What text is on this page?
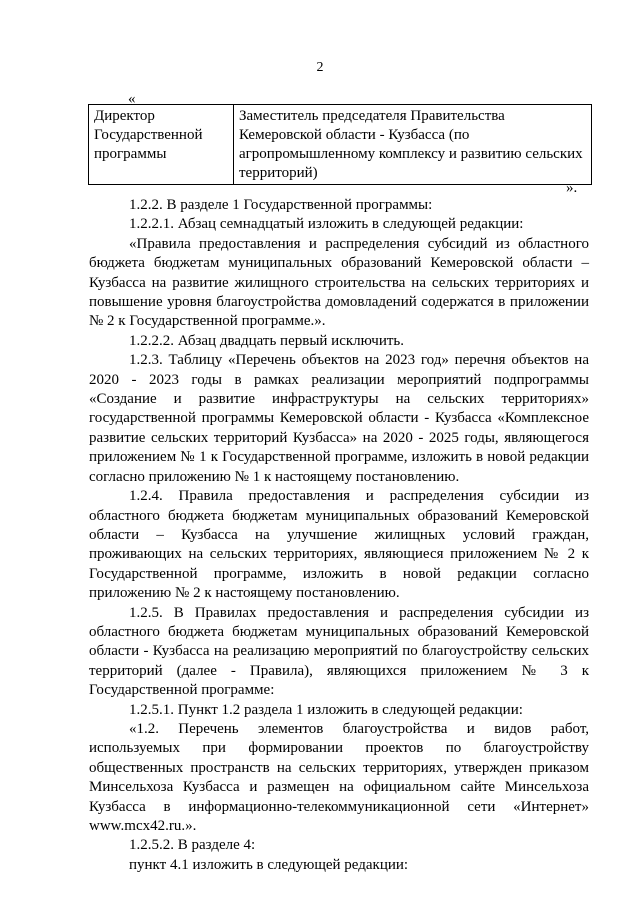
2
«
Директор Государственной программы	Заместитель председателя Правительства Кемеровской области - Кузбасса (по агропромышленному комплексу и развитию сельских территорий)
».

1.2.2. В разделе 1 Государственной программы:

1.2.2.1. Абзац семнадцатый изложить в следующей редакции:

«Правила предоставления и распределения субсидий из областного бюджета бюджетам муниципальных образований Кемеровской области – Кузбасса на развитие жилищного строительства на сельских территориях и повышение уровня благоустройства домовладений содержатся в приложении № 2 к Государственной программе.».

1.2.2.2. Абзац двадцать первый исключить.

1.2.3. Таблицу «Перечень объектов на 2023 год» перечня объектов на 2020 - 2023 годы в рамках реализации мероприятий подпрограммы «Создание и развитие инфраструктуры на сельских территориях» государственной программы Кемеровской области - Кузбасса «Комплексное развитие сельских территорий Кузбасса» на 2020 - 2025 годы, являющегося приложением № 1 к Государственной программе, изложить в новой редакции согласно приложению № 1 к настоящему постановлению.

1.2.4. Правила предоставления и распределения субсидии из областного бюджета бюджетам муниципальных образований Кемеровской области – Кузбасса на улучшение жилищных условий граждан, проживающих на сельских территориях, являющиеся приложением № 2 к Государственной программе, изложить в новой редакции согласно приложению № 2 к настоящему постановлению.

1.2.5. В Правилах предоставления и распределения субсидии из областного бюджета бюджетам муниципальных образований Кемеровской области - Кузбасса на реализацию мероприятий по благоустройству сельских территорий (далее - Правила), являющихся приложением № 3 к Государственной программе:

1.2.5.1. Пункт 1.2 раздела 1 изложить в следующей редакции:

«1.2. Перечень элементов благоустройства и видов работ, используемых при формировании проектов по благоустройству общественных пространств на сельских территориях, утвержден приказом Минсельхоза Кузбасса и размещен на официальном сайте Минсельхоза Кузбасса в информационно-телекоммуникационной сети «Интернет» www.mcx42.ru.».

1.2.5.2. В разделе 4:

пункт 4.1 изложить в следующей редакции:
